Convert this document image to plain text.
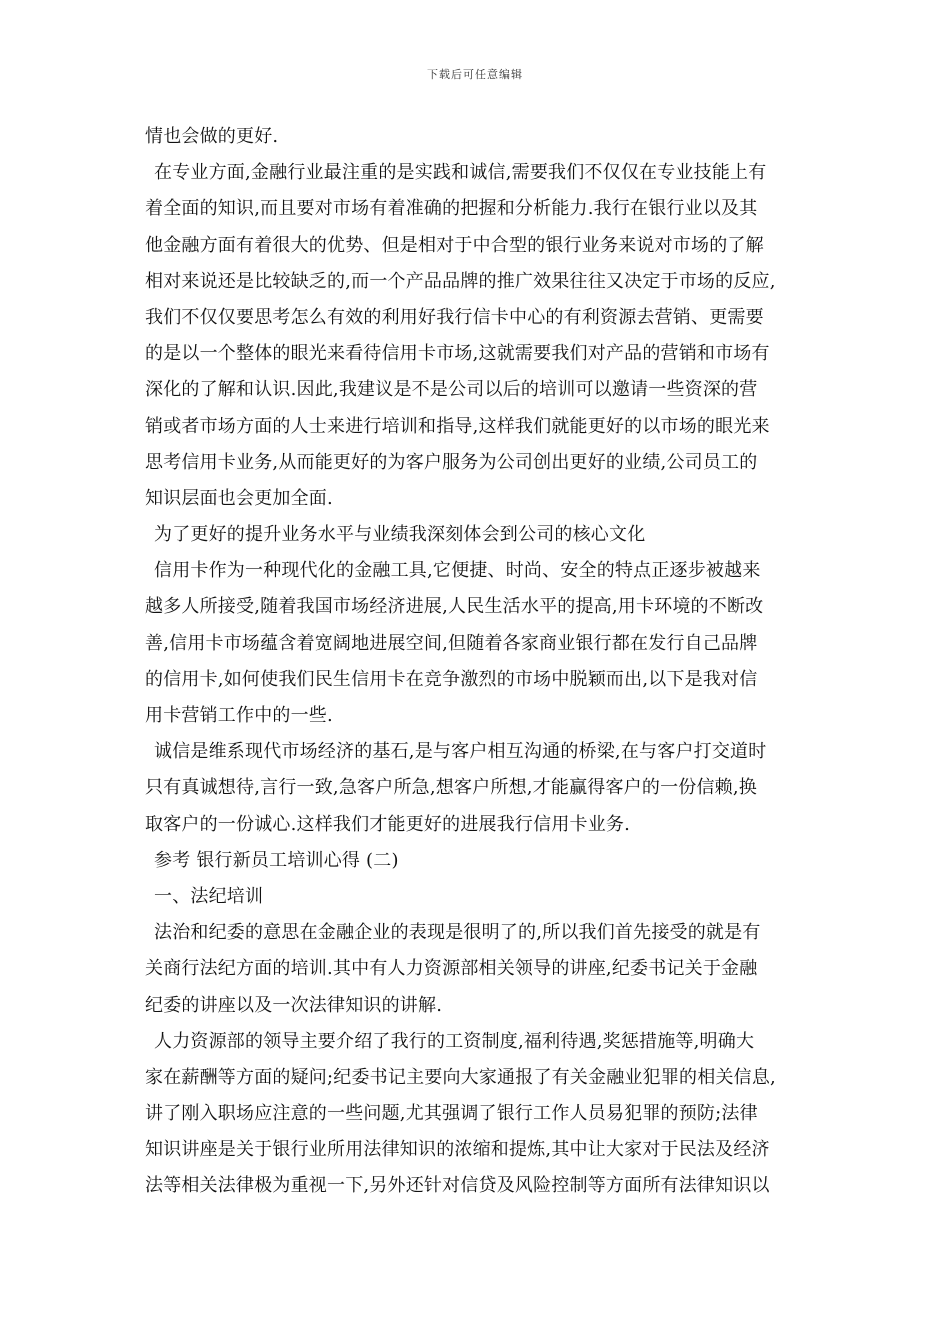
下载后可任意编辑
情也会做的更好.
在专业方面,金融行业最注重的是实践和诚信,需要我们不仅仅在专业技能上有
着全面的知识,而且要对市场有着准确的把握和分析能力.我行在银行业以及其
他金融方面有着很大的优势、但是相对于中合型的银行业务来说对市场的了解
相对来说还是比较缺乏的,而一个产品品牌的推广效果往往又决定于市场的反应,
我们不仅仅要思考怎么有效的利用好我行信卡中心的有利资源去营销、更需要
的是以一个整体的眼光来看待信用卡市场,这就需要我们对产品的营销和市场有
深化的了解和认识.因此,我建议是不是公司以后的培训可以邀请一些资深的营
销或者市场方面的人士来进行培训和指导,这样我们就能更好的以市场的眼光来
思考信用卡业务,从而能更好的为客户服务为公司创出更好的业绩,公司员工的
知识层面也会更加全面.
为了更好的提升业务水平与业绩我深刻体会到公司的核心文化
信用卡作为一种现代化的金融工具,它便捷、时尚、安全的特点正逐步被越来
越多人所接受,随着我国市场经济进展,人民生活水平的提高,用卡环境的不断改
善,信用卡市场蕴含着宽阔地进展空间,但随着各家商业银行都在发行自己品牌
的信用卡,如何使我们民生信用卡在竞争激烈的市场中脱颖而出,以下是我对信
用卡营销工作中的一些.
诚信是维系现代市场经济的基石,是与客户相互沟通的桥梁,在与客户打交道时
只有真诚想待,言行一致,急客户所急,想客户所想,才能赢得客户的一份信赖,换
取客户的一份诚心.这样我们才能更好的进展我行信用卡业务.
参考 银行新员工培训心得 (二)
一、法纪培训
法治和纪委的意思在金融企业的表现是很明了的,所以我们首先接受的就是有
关商行法纪方面的培训.其中有人力资源部相关领导的讲座,纪委书记关于金融
纪委的讲座以及一次法律知识的讲解.
人力资源部的领导主要介绍了我行的工资制度,福利待遇,奖惩措施等,明确大
家在薪酬等方面的疑问;纪委书记主要向大家通报了有关金融业犯罪的相关信息,
讲了刚入职场应注意的一些问题,尤其强调了银行工作人员易犯罪的预防;法律
知识讲座是关于银行业所用法律知识的浓缩和提炼,其中让大家对于民法及经济
法等相关法律极为重视一下,另外还针对信贷及风险控制等方面所有法律知识以
